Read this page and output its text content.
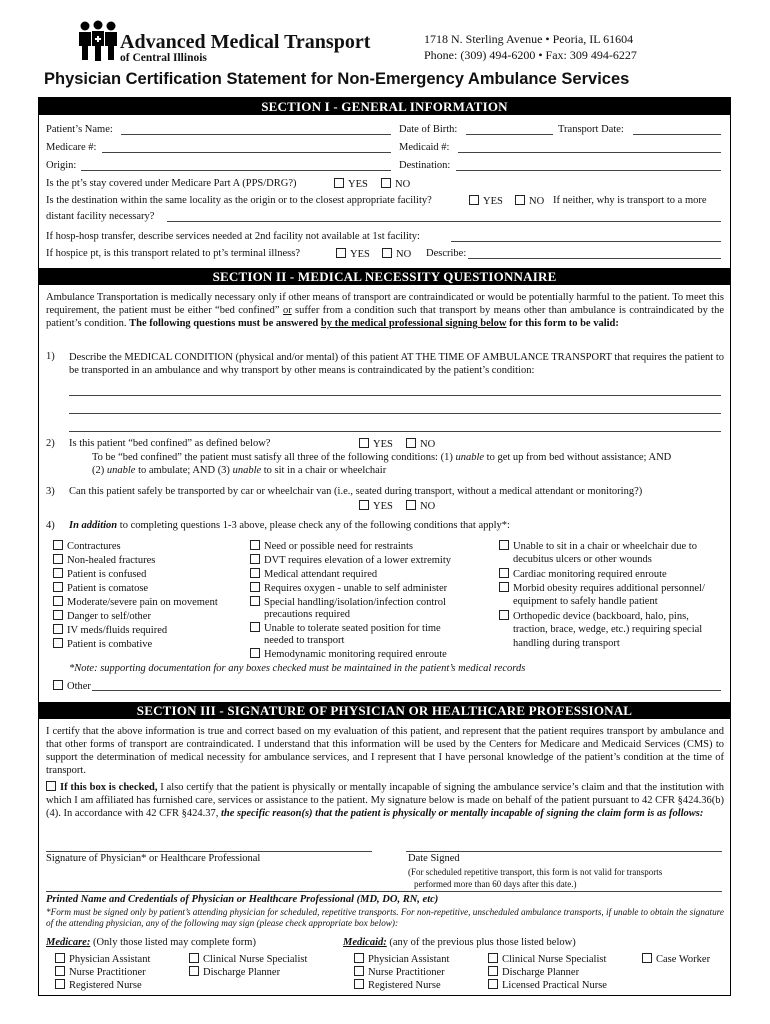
Advanced Medical Transport
of Central Illinois
1718 N. Sterling Avenue • Peoria, IL 61604
Phone: (309) 494-6200 • Fax: 309 494-6227
Physician Certification Statement for Non-Emergency Ambulance Services
SECTION I - GENERAL INFORMATION
Patient’s Name:	Date of Birth:	Transport Date:
Medicare #:	Medicaid #:
Origin:	Destination:
Is the pt’s stay covered under Medicare Part A (PPS/DRG?)	YES	NO
Is the destination within the same locality as the origin or to the closest appropriate facility?	YES	NO If neither, why is transport to a more
distant facility necessary?
If hosp-hosp transfer, describe services needed at 2nd facility not available at 1st facility:
If hospice pt, is this transport related to pt’s terminal illness?	YES	NO Describe:
SECTION II - MEDICAL NECESSITY QUESTIONNAIRE
Ambulance Transportation is medically necessary only if other means of transport are contraindicated or would be potentially harmful to the patient. To meet this requirement, the patient must be either “bed confined” or suffer from a condition such that transport by means other than ambulance is contraindicated by the patient’s condition. The following questions must be answered by the medical professional signing below for this form to be valid:
1) Describe the MEDICAL CONDITION (physical and/or mental) of this patient AT THE TIME OF AMBULANCE TRANSPORT that requires the patient to be transported in an ambulance and why transport by other means is contraindicated by the patient’s condition:
2) Is this patient “bed confined” as defined below?	YES	NO
To be “bed confined” the patient must satisfy all three of the following conditions: (1) unable to get up from bed without assistance; AND
(2) unable to ambulate; AND (3) unable to sit in a chair or wheelchair
3) Can this patient safely be transported by car or wheelchair van (i.e., seated during transport, without a medical attendant or monitoring?)
YES	NO
4) In addition to completing questions 1-3 above, please check any of the following conditions that apply*:
Contractures
Non-healed fractures
Patient is confused
Patient is comatose
Moderate/severe pain on movement
Danger to self/other
IV meds/fluids required
Patient is combative
Need or possible need for restraints
DVT requires elevation of a lower extremity
Medical attendant required
Requires oxygen - unable to self administer
Special handling/isolation/infection control
precautions required
Unable to tolerate seated position for time
needed to transport
Hemodynamic monitoring required enroute
Unable to sit in a chair or wheelchair due to
decubitus ulcers or other wounds
Cardiac monitoring required enroute
Morbid obesity requires additional personnel/
equipment to safely handle patient
Orthopedic device (backboard, halo, pins,
traction, brace, wedge, etc.) requiring special
handling during transport
*Note: supporting documentation for any boxes checked must be maintained in the patient’s medical records
Other
SECTION III - SIGNATURE OF PHYSICIAN OR HEALTHCARE PROFESSIONAL
I certify that the above information is true and correct based on my evaluation of this patient, and represent that the patient requires transport by ambulance and that other forms of transport are contraindicated. I understand that this information will be used by the Centers for Medicare and Medicaid Services (CMS) to support the determination of medical necessity for ambulance services, and I represent that I have personal knowledge of the patient’s condition at the time of transport.
If this box is checked, I also certify that the patient is physically or mentally incapable of signing the ambulance service’s claim and that the institution with which I am affiliated has furnished care, services or assistance to the patient. My signature below is made on behalf of the patient pursuant to 42 CFR §424.36(b)(4). In accordance with 42 CFR §424.37, the specific reason(s) that the patient is physically or mentally incapable of signing the claim form is as follows:
Signature of Physician* or Healthcare Professional	Date Signed
(For scheduled repetitive transport, this form is not valid for transports
performed more than 60 days after this date.)
Printed Name and Credentials of Physician or Healthcare Professional (MD, DO, RN, etc)
*Form must be signed only by patient’s attending physician for scheduled, repetitive transports. For non-repetitive, unscheduled ambulance transports, if unable to obtain the signature of the attending physician, any of the following may sign (please check appropriate box below):
Medicare: (Only those listed may complete form)	Medicaid: (any of the previous plus those listed below)
Physician Assistant
Nurse Practitioner
Registered Nurse
Clinical Nurse Specialist
Discharge Planner
Physician Assistant
Nurse Practitioner
Registered Nurse
Clinical Nurse Specialist
Discharge Planner
Licensed Practical Nurse
Case Worker
